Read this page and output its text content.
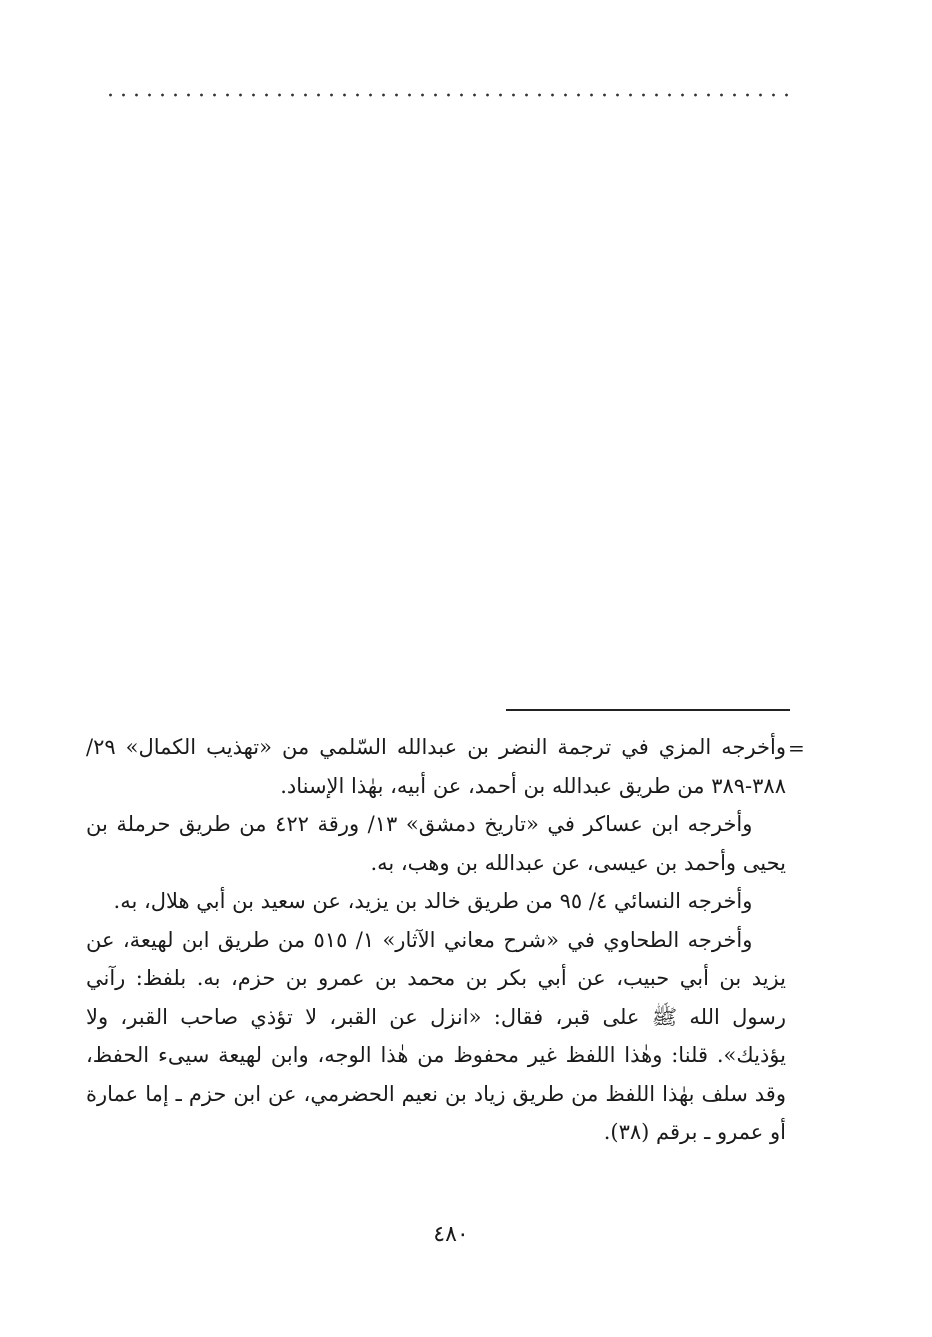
=

وأخرجه المزي في ترجمة النضر بن عبدالله السّلمي من «تهذيب الكمال» ٢٩/ ٣٨٨-٣٨٩ من طريق عبدالله بن أحمد، عن أبيه، بهٰذا الإسناد.

وأخرجه ابن عساكر في «تاريخ دمشق» ١٣/ ورقة ٤٢٢ من طريق حرملة بن يحيى وأحمد بن عيسى، عن عبدالله بن وهب، به.

وأخرجه النسائي ٤/ ٩٥ من طريق خالد بن يزيد، عن سعيد بن أبي هلال، به.

وأخرجه الطحاوي في «شرح معاني الآثار» ١/ ٥١٥ من طريق ابن لهيعة، عن يزيد بن أبي حبيب، عن أبي بكر بن محمد بن عمرو بن حزم، به. بلفظ: رآني رسول الله ﷺ على قبر، فقال: «انزل عن القبر، لا تؤذي صاحب القبر، ولا يؤذيك». قلنا: وهٰذا اللفظ غير محفوظ من هٰذا الوجه، وابن لهيعة سيىء الحفظ، وقد سلف بهٰذا اللفظ من طريق زياد بن نعيم الحضرمي، عن ابن حزم ـ إما عمارة أو عمرو ـ برقم (٣٨).

٤٨٠
